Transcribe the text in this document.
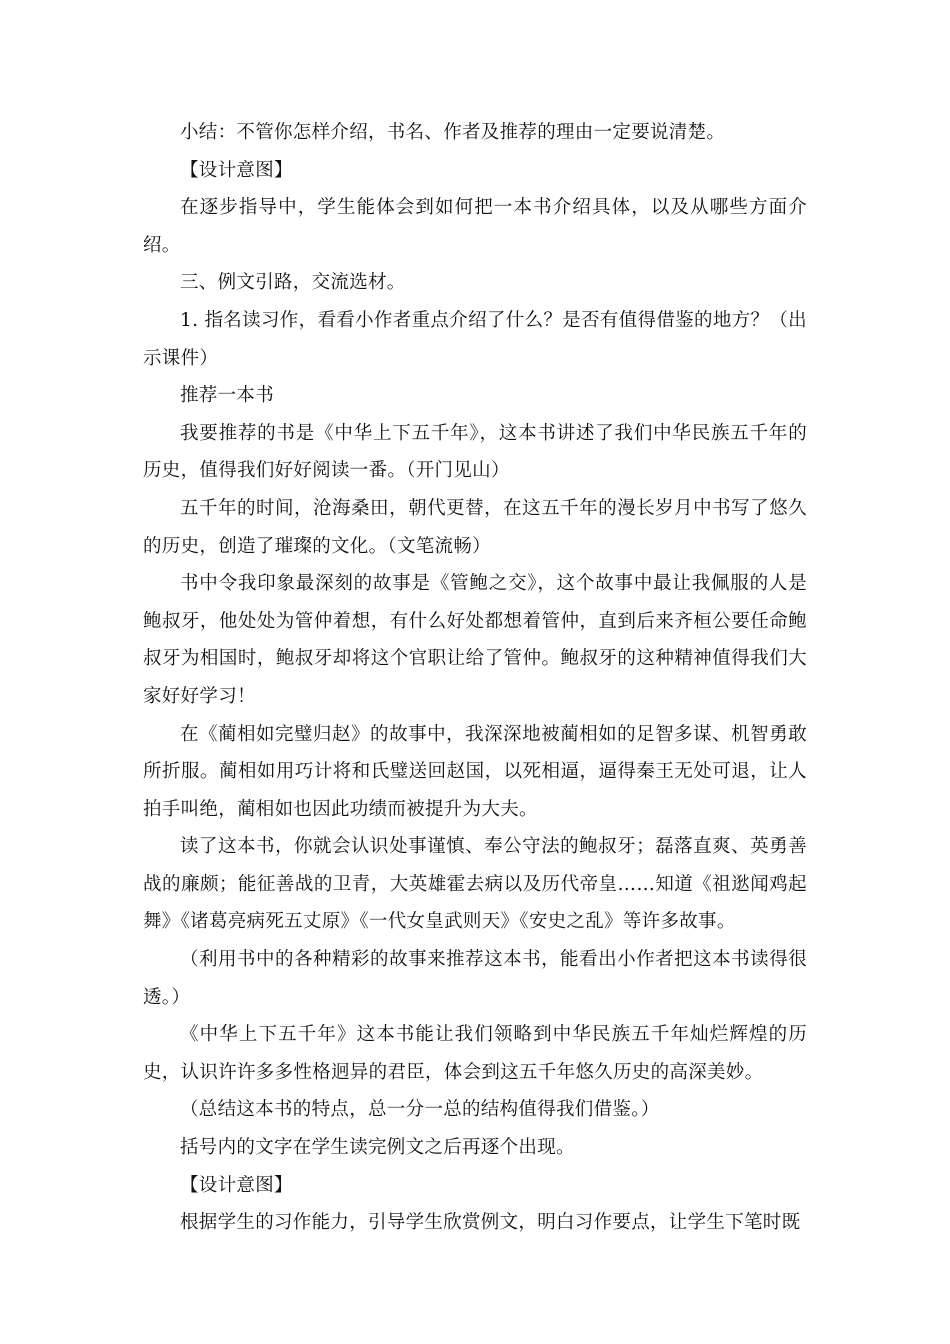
小结：不管你怎样介绍，书名、作者及推荐的理由一定要说清楚。

【设计意图】

在逐步指导中，学生能体会到如何把一本书介绍具体，以及从哪些方面介绍。

三、例文引路，交流选材。

1. 指名读习作，看看小作者重点介绍了什么？是否有值得借鉴的地方？（出示课件）

推荐一本书

我要推荐的书是《中华上下五千年》，这本书讲述了我们中华民族五千年的历史，值得我们好好阅读一番。（开门见山）

五千年的时间，沧海桑田，朝代更替，在这五千年的漫长岁月中书写了悠久的历史，创造了璀璨的文化。（文笔流畅）

书中令我印象最深刻的故事是《管鲍之交》，这个故事中最让我佩服的人是鲍叔牙，他处处为管仲着想，有什么好处都想着管仲，直到后来齐桓公要任命鲍叔牙为相国时，鲍叔牙却将这个官职让给了管仲。鲍叔牙的这种精神值得我们大家好好学习！

在《蔺相如完璧归赵》的故事中，我深深地被蔺相如的足智多谋、机智勇敢所折服。蔺相如用巧计将和氏璧送回赵国，以死相逼，逼得秦王无处可退，让人拍手叫绝，蔺相如也因此功绩而被提升为大夫。

读了这本书，你就会认识处事谨慎、奉公守法的鲍叔牙；磊落直爽、英勇善战的廉颇；能征善战的卫青，大英雄霍去病以及历代帝皇……知道《祖逖闻鸡起舞》《诸葛亮病死五丈原》《一代女皇武则天》《安史之乱》等许多故事。

（利用书中的各种精彩的故事来推荐这本书，能看出小作者把这本书读得很透。）

《中华上下五千年》这本书能让我们领略到中华民族五千年灿烂辉煌的历史，认识许许多多性格迥异的君臣，体会到这五千年悠久历史的高深美妙。

（总结这本书的特点，总一分一总的结构值得我们借鉴。）

括号内的文字在学生读完例文之后再逐个出现。

【设计意图】

根据学生的习作能力，引导学生欣赏例文，明白习作要点，让学生下笔时既
